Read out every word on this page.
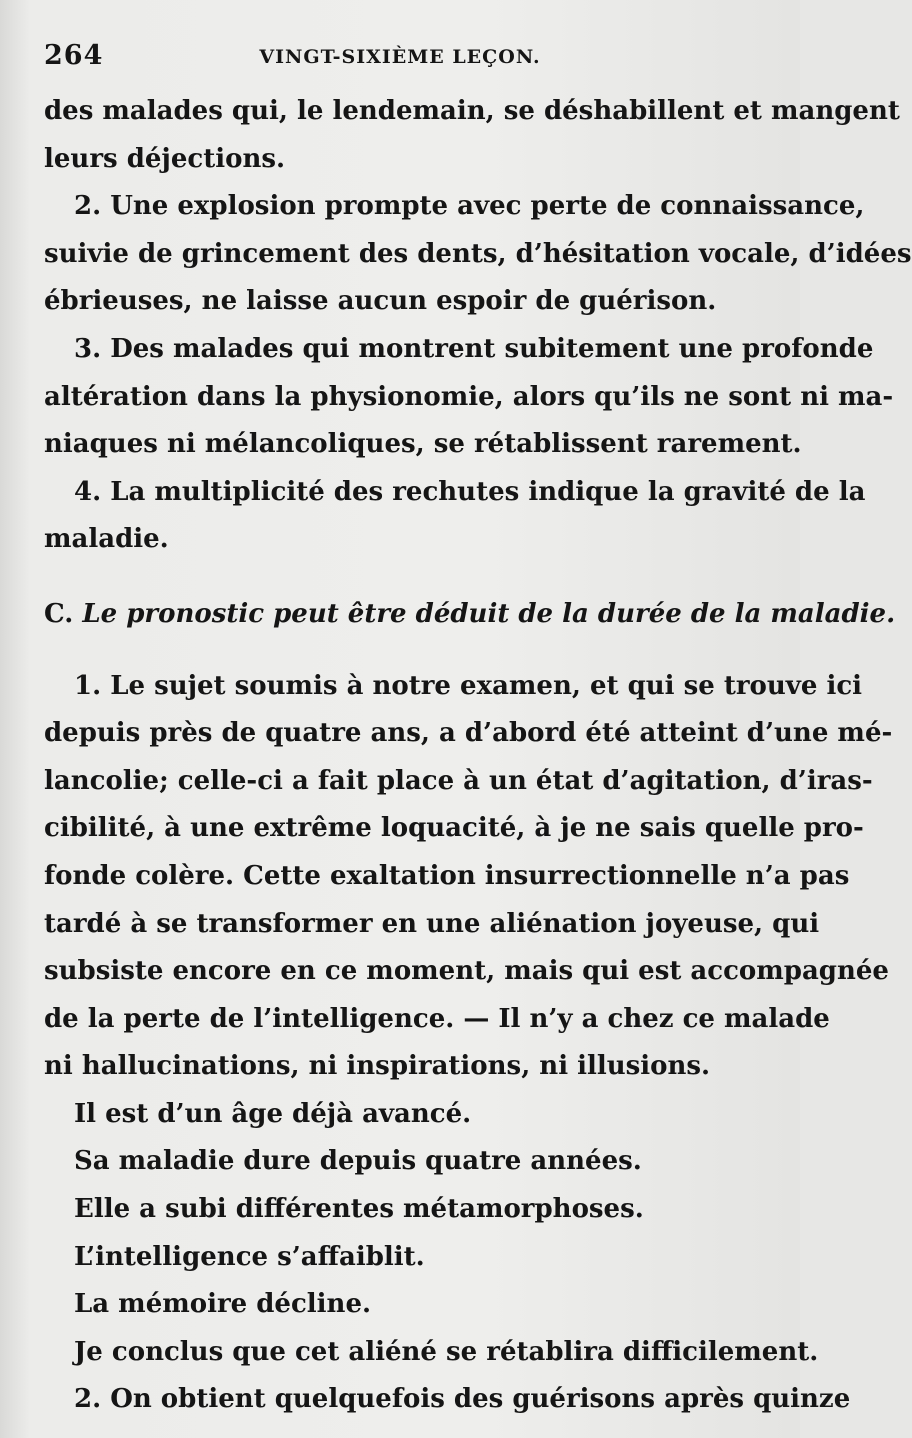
264	VINGT-SIXIÈME LEÇON.
des malades qui, le lendemain, se déshabillent et mangent
leurs déjections.
2. Une explosion prompte avec perte de connaissance,
suivie de grincement des dents, d’hésitation vocale, d’idées
ébrieuses, ne laisse aucun espoir de guérison.
3. Des malades qui montrent subitement une profonde
altération dans la physionomie, alors qu’ils ne sont ni ma-
niaques ni mélancoliques, se rétablissent rarement.
4. La multiplicité des rechutes indique la gravité de la
maladie.
C. Le pronostic peut être déduit de la durée de la maladie.
1. Le sujet soumis à notre examen, et qui se trouve ici
depuis près de quatre ans, a d’abord été atteint d’une mé-
lancolie; celle-ci a fait place à un état d’agitation, d’iras-
cibilité, à une extrême loquacité, à je ne sais quelle pro-
fonde colère. Cette exaltation insurrectionnelle n’a pas
tardé à se transformer en une aliénation joyeuse, qui
subsiste encore en ce moment, mais qui est accompagnée
de la perte de l’intelligence. — Il n’y a chez ce malade
ni hallucinations, ni inspirations, ni illusions.
Il est d’un âge déjà avancé.
Sa maladie dure depuis quatre années.
Elle a subi différentes métamorphoses.
L’intelligence s’affaiblit.
La mémoire décline.
Je conclus que cet aliéné se rétablira difficilement.
2. On obtient quelquefois des guérisons après quinze
